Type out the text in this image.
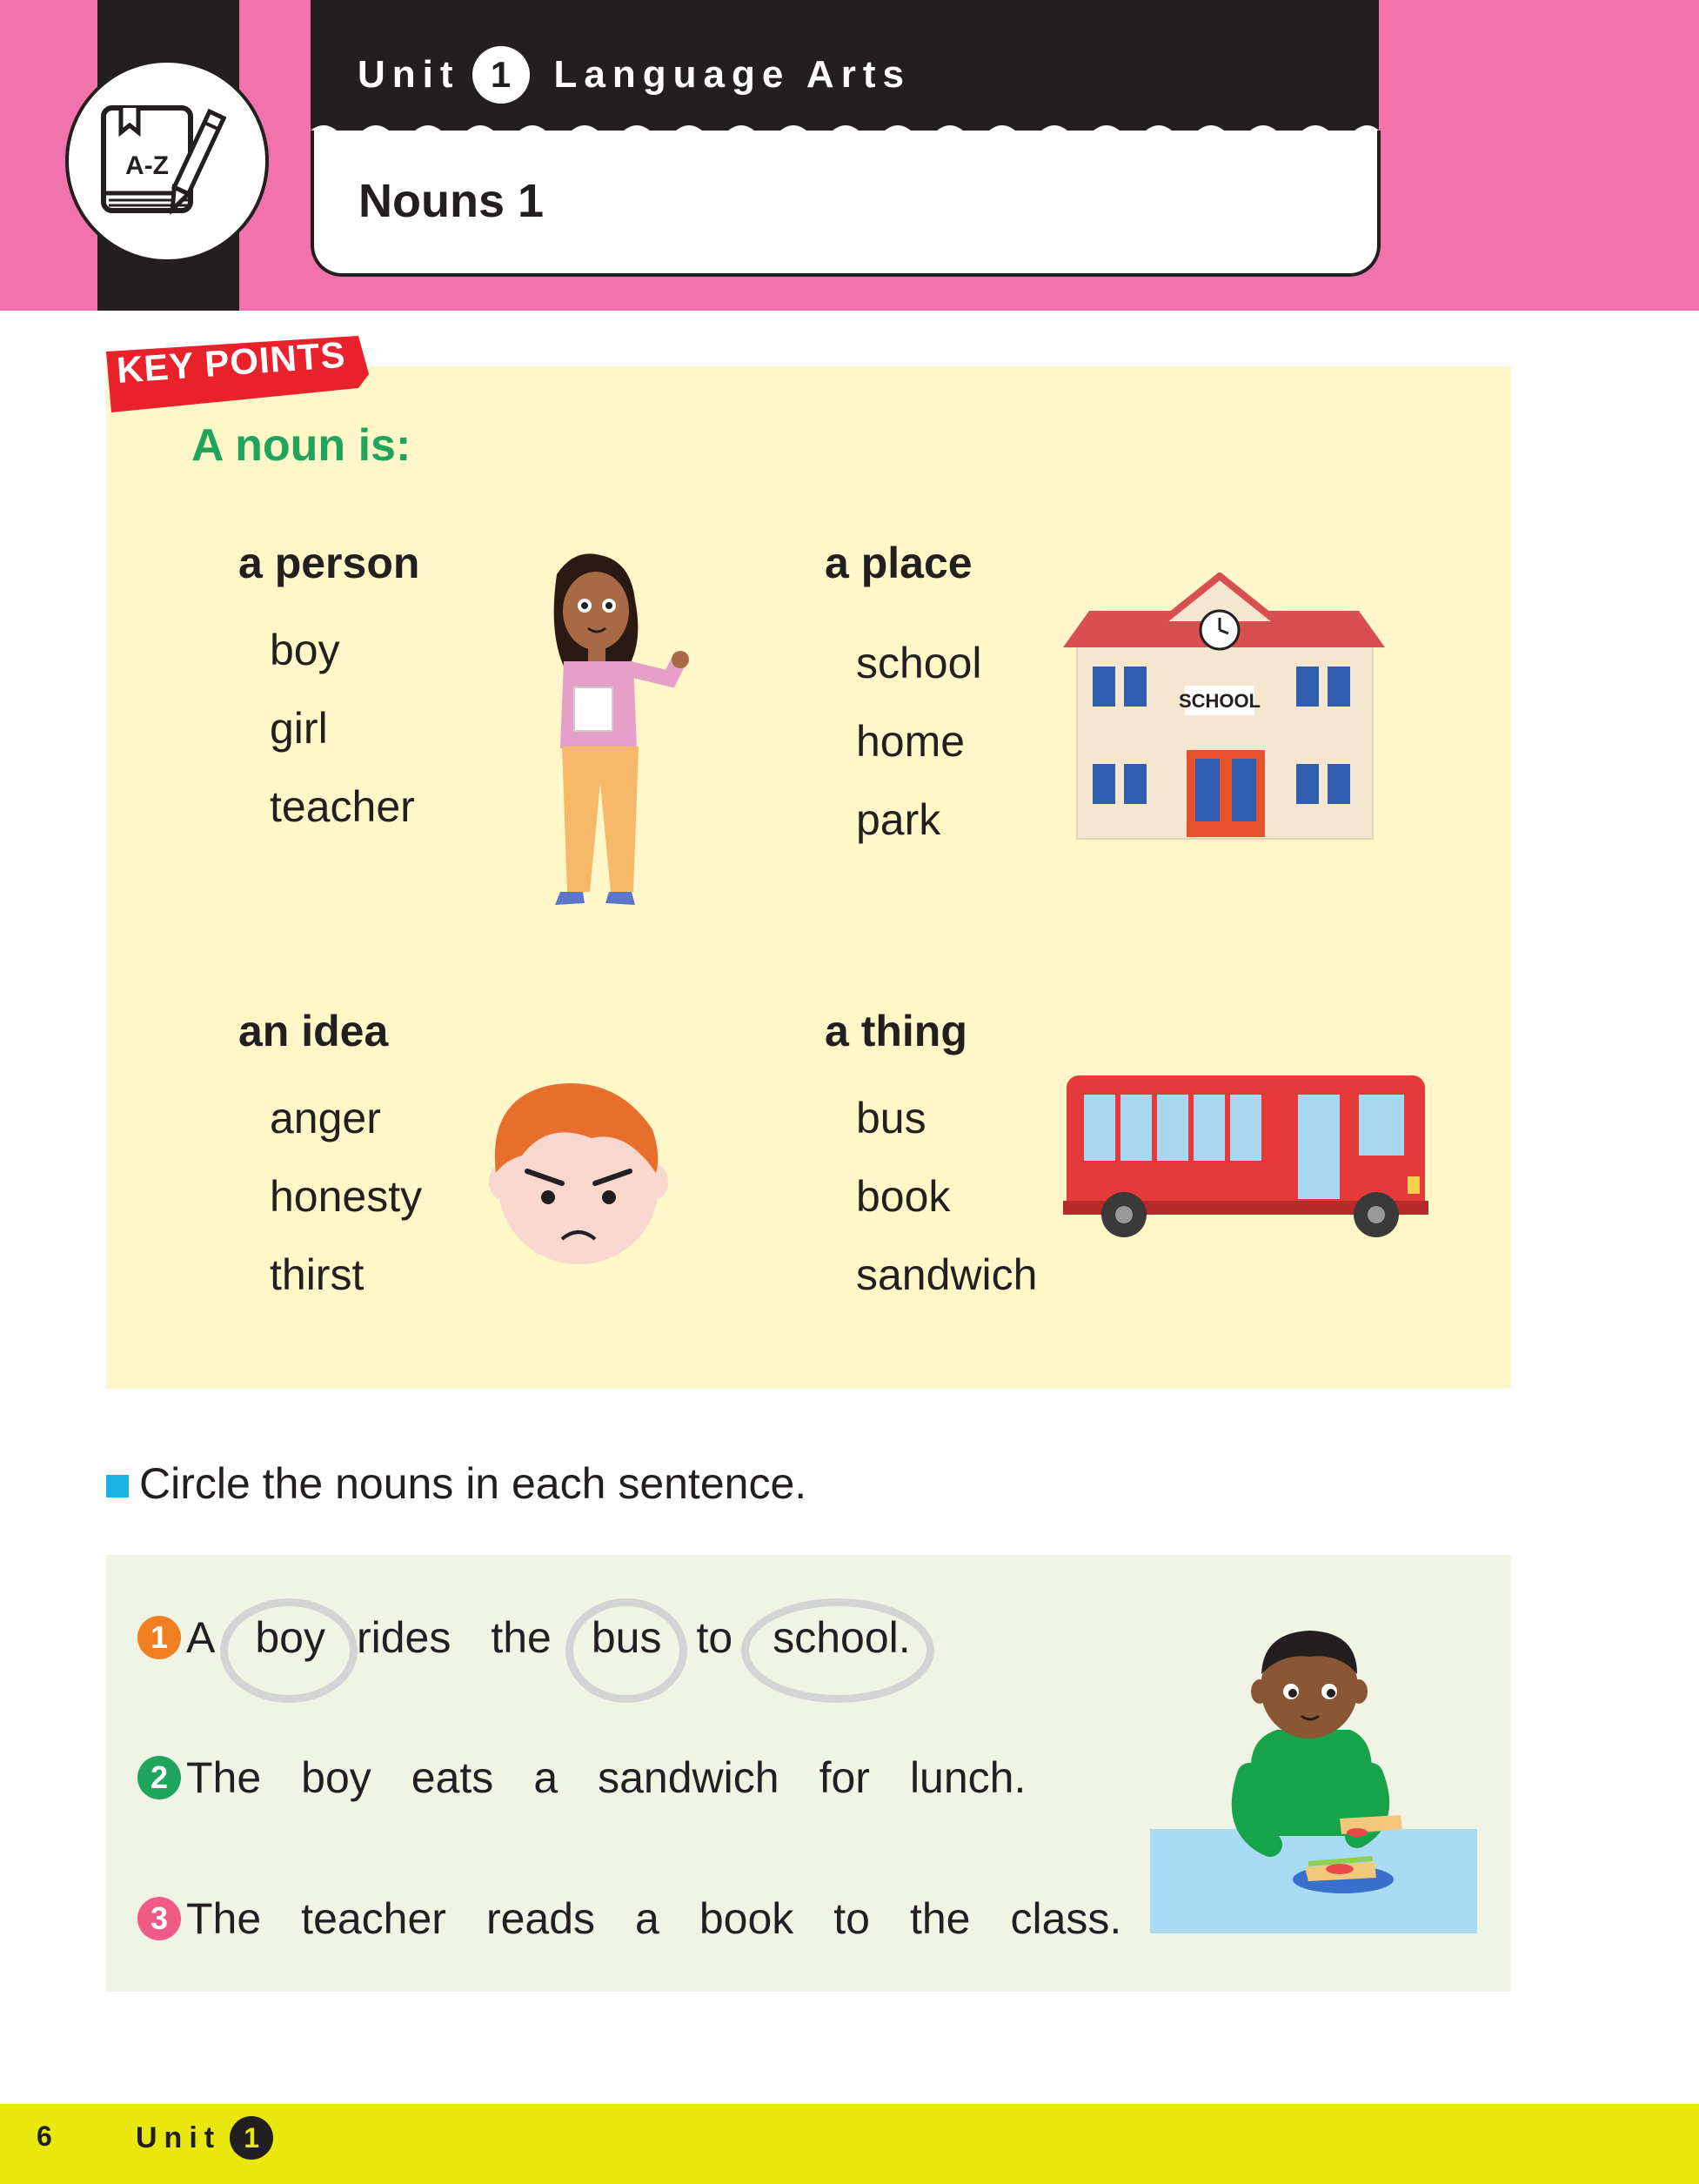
A-Z
Unit 1	Language Arts
Nouns 1
KEY POINTS
A noun is:
a person
boy
girl
teacher
a place
school
home
park
SCHOOL
an idea
anger
honesty
thirst
a thing
bus
book
sandwich
Circle the nouns in each sentence.
1 A boy rides the bus to school.
2 The boy eats a sandwich for lunch.
3 The teacher reads a book to the class.
6	Unit 1
